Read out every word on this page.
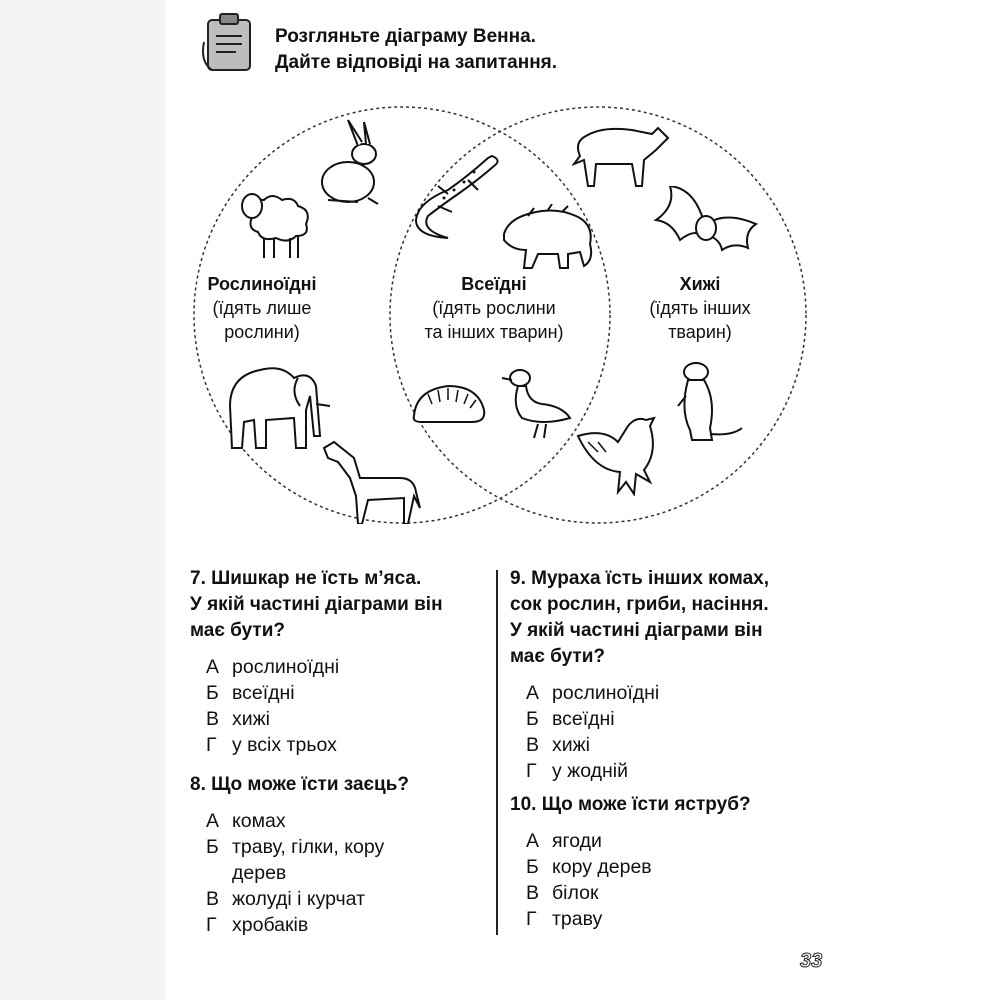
Розгляньте діаграму Венна.
Дайте відповіді на запитання.
Рослиноїдні
(їдять лише
рослини)
Всеїдні
(їдять рослини
та інших тварин)
Хижі
(їдять інших
тварин)
7. Шишкар не їсть м’яса.
У якій частині діаграми він
має бути?
А рослиноїдні
Б всеїдні
В хижі
Г у всіх трьох
8. Що може їсти заєць?
А комах
Б траву, гілки, кору
дерев
В жолуді і курчат
Г хробаків
9. Мураха їсть інших комах,
сок рослин, гриби, насіння.
У якій частині діаграми він
має бути?
А рослиноїдні
Б всеїдні
В хижі
Г у жодній
10. Що може їсти яструб?
А ягоди
Б кору дерев
В білок
Г траву
33
